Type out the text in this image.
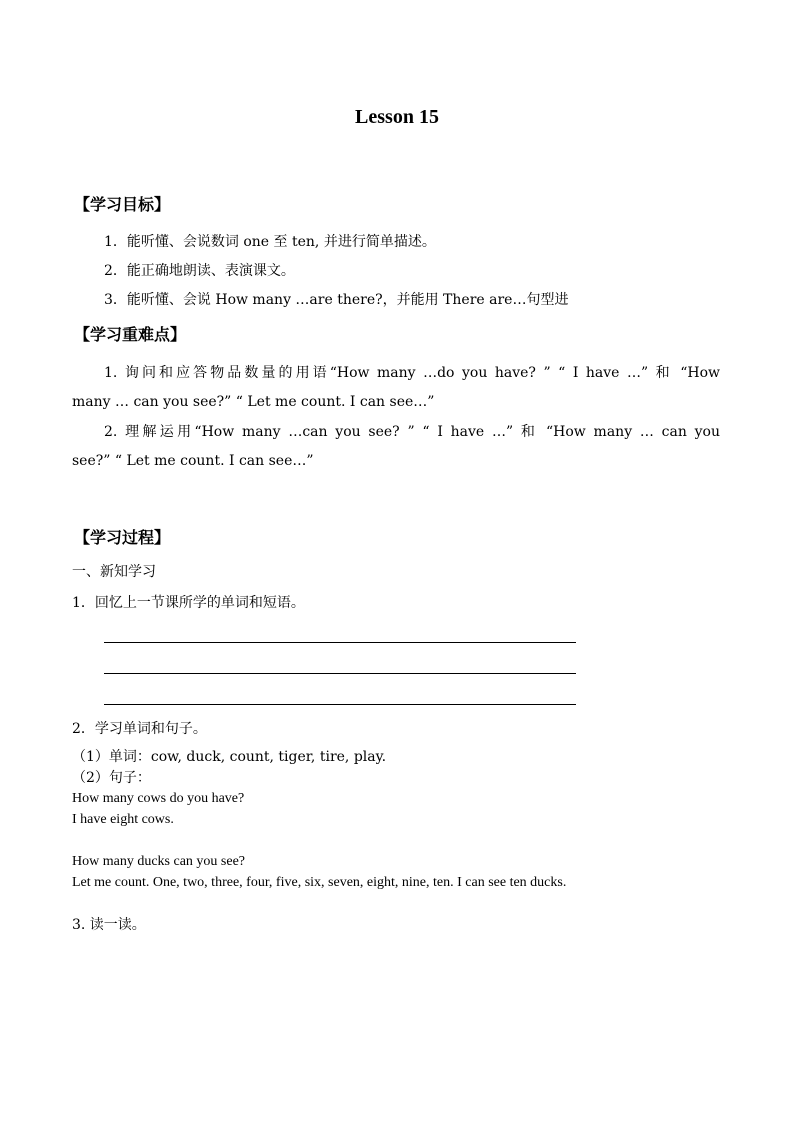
Lesson 15
【学习目标】
1．能听懂、会说数词 one 至 ten, 并进行简单描述。
2．能正确地朗读、表演课文。
3．能听懂、会说 How many …are there?，并能用 There are…句型进
【学习重难点】
1. 询问和应答物品数量的用语“How many …do you have? ” “ I have …” 和 “How
many … can you see?” “ Let me count. I can see…”
2. 理解运用“How many …can you see? ” “ I have …” 和 “How many … can you
see?” “ Let me count. I can see…”
【学习过程】
一、新知学习
1．回忆上一节课所学的单词和短语。
2．学习单词和句子。
（1）单词：cow, duck, count, tiger, tire, play.
（2）句子：
How many cows do you have?
I have eight cows.
How many ducks can you see?
Let me count. One, two, three, four, five, six, seven, eight, nine, ten. I can see ten ducks.
3. 读一读。
